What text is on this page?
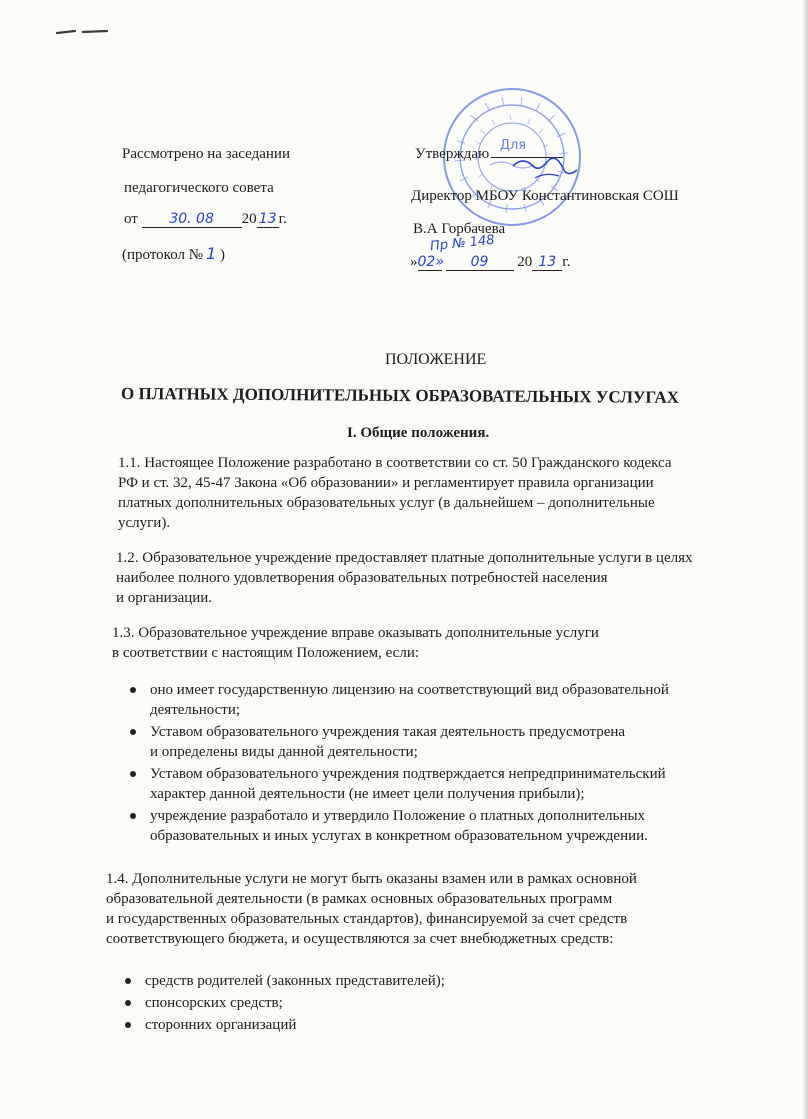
Рассмотрено на заседании
педагогического совета
от 30. 08 20 13 г.
(протокол № 1 )
Для
Утверждаю
Директор МБОУ Константиновская СОШ
В.А Горбачева
Пр № 148
»02» 09 20 13 г.
ПОЛОЖЕНИЕ
О ПЛАТНЫХ ДОПОЛНИТЕЛЬНЫХ ОБРАЗОВАТЕЛЬНЫХ УСЛУГАХ
I. Общие положения.
1.1. Настоящее Положение разработано в соответствии со ст. 50 Гражданского кодекса
РФ и ст. 32, 45-47 Закона «Об образовании» и регламентирует правила организации
платных дополнительных образовательных услуг (в дальнейшем – дополнительные
услуги).
1.2. Образовательное учреждение предоставляет платные дополнительные услуги в целях
наиболее полного удовлетворения образовательных потребностей населения
и организации.
1.3. Образовательное учреждение вправе оказывать дополнительные услуги
в соответствии с настоящим Положением, если:
оно имеет государственную лицензию на соответствующий вид образовательной
деятельности;
Уставом образовательного учреждения такая деятельность предусмотрена
и определены виды данной деятельности;
Уставом образовательного учреждения подтверждается непредпринимательский
характер данной деятельности (не имеет цели получения прибыли);
учреждение разработало и утвердило Положение о платных дополнительных
образовательных и иных услугах в конкретном образовательном учреждении.
1.4. Дополнительные услуги не могут быть оказаны взамен или в рамках основной
образовательной деятельности (в рамках основных образовательных программ
и государственных образовательных стандартов), финансируемой за счет средств
соответствующего бюджета, и осуществляются за счет внебюджетных средств:
средств родителей (законных представителей);
спонсорских средств;
сторонних организаций
